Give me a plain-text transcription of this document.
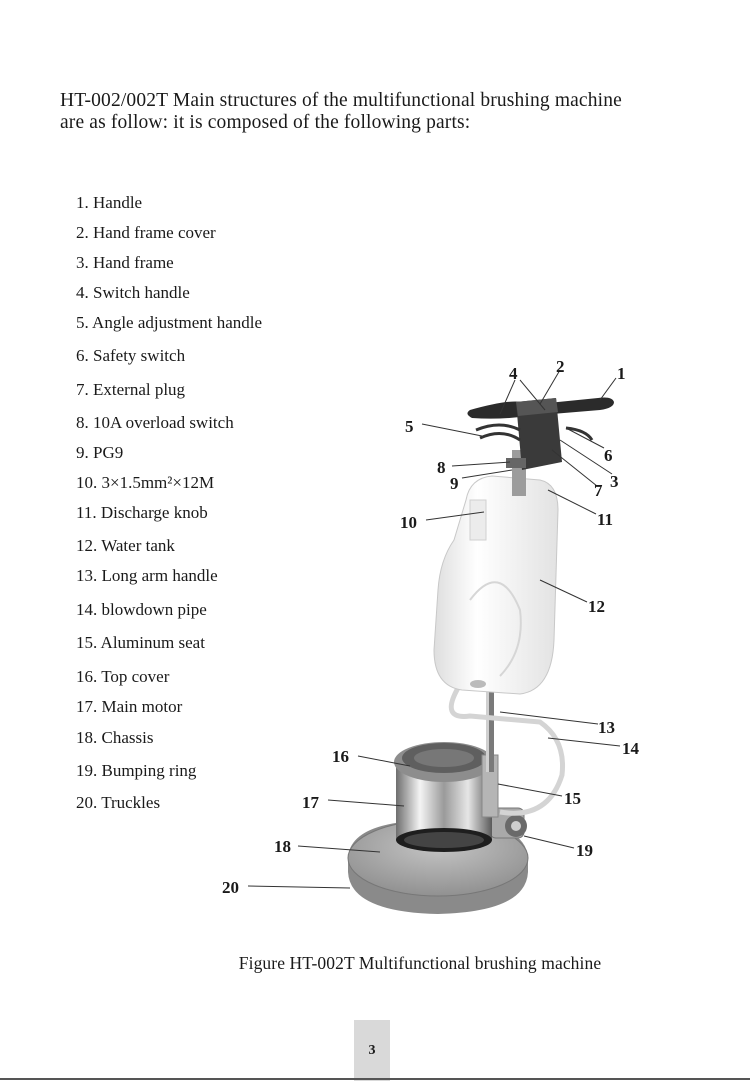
HT-002/002T Main structures of the multifunctional brushing machine

are as follow: it is composed of the following parts:

1. Handle
2. Hand frame cover
3. Hand frame
4. Switch handle
5. Angle adjustment handle
6. Safety switch
7. External plug
8. 10A overload switch
9. PG9
10. 3×1.5mm²×12M
11. Discharge knob
12. Water tank
13. Long arm handle
14. blowdown pipe
15. Aluminum seat
16. Top cover
17. Main motor
18. Chassis
19. Bumping ring
20. Truckles
1
2
3
4
5
6
7
8
9
10	11
12
13
14
15
16
17
18	19
20
Figure HT-002T Multifunctional brushing machine
3
